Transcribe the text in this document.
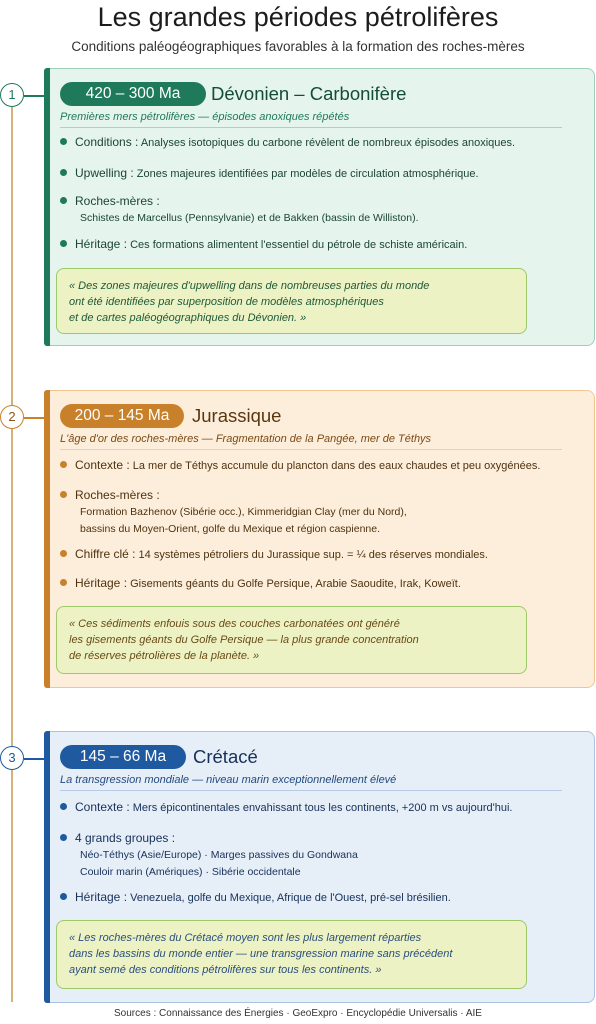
Les grandes périodes pétrolifères
Conditions paléogéographiques favorables à la formation des roches-mères
1	420 – 300 Ma	Dévonien – Carbonifère
Premières mers pétrolifères — épisodes anoxiques répétés
Conditions : Analyses isotopiques du carbone révèlent de nombreux épisodes anoxiques.
Upwelling : Zones majeures identifiées par modèles de circulation atmosphérique.
Roches-mères :
Schistes de Marcellus (Pennsylvanie) et de Bakken (bassin de Williston).
Héritage : Ces formations alimentent l'essentiel du pétrole de schiste américain.
« Des zones majeures d'upwelling dans de nombreuses parties du monde
ont été identifiées par superposition de modèles atmosphériques
et de cartes paléogéographiques du Dévonien. »
2	200 – 145 Ma	Jurassique
L'âge d'or des roches-mères — Fragmentation de la Pangée, mer de Téthys
Contexte : La mer de Téthys accumule du plancton dans des eaux chaudes et peu oxygénées.
Roches-mères :
Formation Bazhenov (Sibérie occ.), Kimmeridgian Clay (mer du Nord),
bassins du Moyen-Orient, golfe du Mexique et région caspienne.
Chiffre clé : 14 systèmes pétroliers du Jurassique sup. = ¼ des réserves mondiales.
Héritage : Gisements géants du Golfe Persique, Arabie Saoudite, Irak, Koweït.
« Ces sédiments enfouis sous des couches carbonatées ont généré
les gisements géants du Golfe Persique — la plus grande concentration
de réserves pétrolières de la planète. »
3	145 – 66 Ma	Crétacé
La transgression mondiale — niveau marin exceptionnellement élevé
Contexte : Mers épicontinentales envahissant tous les continents, +200 m vs aujourd'hui.
4 grands groupes :
Néo-Téthys (Asie/Europe) · Marges passives du Gondwana
Couloir marin (Amériques) · Sibérie occidentale
Héritage : Venezuela, golfe du Mexique, Afrique de l'Ouest, pré-sel brésilien.
« Les roches-mères du Crétacé moyen sont les plus largement réparties
dans les bassins du monde entier — une transgression marine sans précédent
ayant semé des conditions pétrolifères sur tous les continents. »
Sources : Connaissance des Énergies · GeoExpro · Encyclopédie Universalis · AIE
